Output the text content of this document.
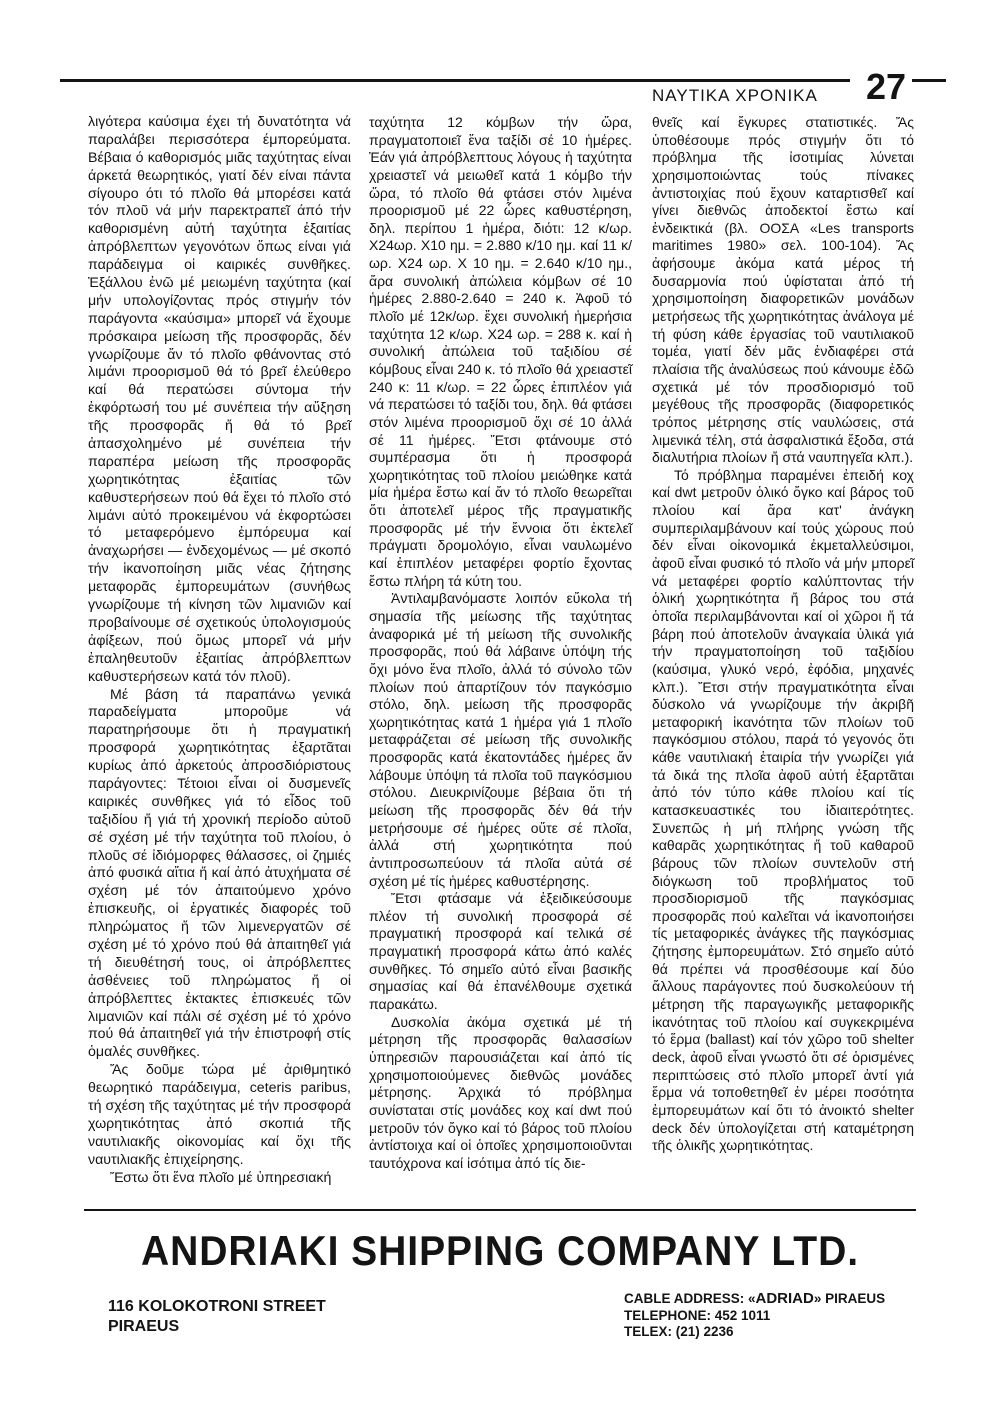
ΝΑΥΤΙΚΑ ΧΡΟΝΙΚΑ 27

λιγότερα καύσιμα έχει τή δυνατότητα νά παραλάβει περισσότερα έμπορεύματα. Βέβαια ό καθορισμός μιᾶς ταχύτητας είναι άρκετά θεωρητικός, γιατί δέν είναι πάντα σίγουρο ότι τό πλοῖο θά μπορέσει κατά τόν πλοῦ νά μήν παρεκτραπεῖ άπό τήν καθορισμένη αὐτή ταχύτητα ἐξαιτίας ἀπρόβλεπτων γεγονότων ὅπως είναι γιά παράδειγμα οἱ καιρικές συνθῆκες. Ἐξάλλου ἐνῶ μέ μειωμένη ταχύτητα (καί μήν υπολογίζοντας πρός στιγμήν τόν παράγοντα «καύσιμα» μπορεῖ νά ἔχουμε πρόσκαιρα μείωση τῆς προσφορᾶς, δέν γνωρίζουμε ἄν τό πλοῖο φθάνοντας στό λιμάνι προορισμοῦ θά τό βρεῖ ἐλεύθερο καί θά περατώσει σύντομα τήν ἐκφόρτωσή του μέ συνέπεια τήν αὔξηση τῆς προσφορᾶς ἤ θά τό βρεῖ ἀπασχολημένο μέ συνέπεια τήν παραπέρα μείωση τῆς προσφορᾶς χωρητικότητας ἐξαιτίας τῶν καθυστερήσεων πού θά ἔχει τό πλοῖο στό λιμάνι αὐτό προκειμένου νά ἐκφορτώσει τό μεταφερόμενο ἐμπόρευμα καί ἀναχωρήσει — ἐνδεχομένως — μέ σκοπό τήν ἱκανοποίηση μιᾶς νέας ζήτησης μεταφορᾶς ἐμπορευμάτων (συνήθως γνωρίζουμε τή κίνηση τῶν λιμανιῶν καί προβαίνουμε σέ σχετικούς ὑπολογισμούς ἀφίξεων, πού ὅμως μπορεῖ νά μήν ἐπαληθευτοῦν ἐξαιτίας ἀπρόβλεπτων καθυστερήσεων κατά τόν πλοῦ).

Μέ βάση τά παραπάνω γενικά παραδείγματα μποροῦμε νά παρατηρήσουμε ὅτι ἡ πραγματική προσφορά χωρητικότητας ἐξαρτᾶται κυρίως ἀπό ἀρκετούς ἀπροσδιόριστους παράγοντες: Τέτοιοι εἶναι οἱ δυσμενεῖς καιρικές συνθῆκες γιά τό εἶδος τοῦ ταξιδίου ἤ γιά τή χρονική περίοδο αὐτοῦ σέ σχέση μέ τήν ταχύτητα τοῦ πλοίου, ὁ πλοῦς σέ ἰδιόμορφες θάλασσες, οἱ ζημιές ἀπό φυσικά αἴτια ἤ καί ἀπό ἀτυχήματα σέ σχέση μέ τόν ἀπαιτούμενο χρόνο ἐπισκευῆς, οἱ ἐργατικές διαφορές τοῦ πληρώματος ἤ τῶν λιμενεργατῶν σέ σχέση μέ τό χρόνο πού θά ἀπαιτηθεῖ γιά τή διευθέτησή τους, οἱ ἀπρόβλεπτες ἀσθένειες τοῦ πληρώματος ἤ οἱ ἀπρόβλεπτες ἐκτακτες ἐπισκευές τῶν λιμανιῶν καί πάλι σέ σχέση μέ τό χρόνο πού θά ἀπαιτηθεῖ γιά τήν ἐπιστροφή στίς ὁμαλές συνθῆκες.

Ἄς δοῦμε τώρα μέ ἀριθμητικό θεωρητικό παράδειγμα, ceteris paribus, τή σχέση τῆς ταχύτητας μέ τήν προσφορά χωρητικότητας ἀπό σκοπιά τῆς ναυτιλιακῆς οἰκονομίας καί ὄχι τῆς ναυτιλιακῆς ἐπιχείρησης.

Ἔστω ὅτι ἕνα πλοῖο μέ ὑπηρεσιακή

ταχύτητα 12 κόμβων τήν ὥρα, πραγματοποιεῖ ἕνα ταξίδι σέ 10 ἡμέρες. Ἐάν γιά ἀπρόβλεπτους λόγους ἡ ταχύτητα χρειαστεῖ νά μειωθεῖ κατά 1 κόμβο τήν ὥρα, τό πλοῖο θά φτάσει στόν λιμένα προορισμοῦ μέ 22 ὧρες καθυστέρηση, δηλ. περίπου 1 ἡμέρα, διότι: 12 κ/ωρ. Χ24ωρ. Χ10 ημ. = 2.880 κ/10 ημ. καί 11 κ/ωρ. Χ24 ωρ. Χ 10 ημ. = 2.640 κ/10 ημ., ἄρα συνολική ἀπώλεια κόμβων σέ 10 ἡμέρες 2.880-2.640 = 240 κ. Ἀφοῦ τό πλοῖο μέ 12κ/ωρ. ἔχει συνολική ἡμερήσια ταχύτητα 12 κ/ωρ. Χ24 ωρ. = 288 κ. καί ἡ συνολική ἀπώλεια τοῦ ταξιδίου σέ κόμβους εἶναι 240 κ. τό πλοῖο θά χρειαστεῖ 240 κ: 11 κ/ωρ. = 22 ὧρες ἐπιπλέον γιά νά περατώσει τό ταξίδι του, δηλ. θά φτάσει στόν λιμένα προορισμοῦ ὄχι σέ 10 ἀλλά σέ 11 ἡμέρες. Ἔτσι φτάνουμε στό συμπέρασμα ὅτι ἡ προσφορά χωρητικότητας τοῦ πλοίου μειώθηκε κατά μία ἡμέρα ἔστω καί ἄν τό πλοῖο θεωρεῖται ὅτι ἀποτελεῖ μέρος τῆς πραγματικῆς προσφορᾶς μέ τήν ἔννοια ὅτι ἐκτελεῖ πράγματι δρομολόγιο, εἶναι ναυλωμένο καί ἐπιπλέον μεταφέρει φορτίο ἔχοντας ἔστω πλήρη τά κύτη του.

Ἀντιλαμβανόμαστε λοιπόν εὔκολα τή σημασία τῆς μείωσης τῆς ταχύτητας ἀναφορικά μέ τή μείωση τῆς συνολικῆς προσφορᾶς, πού θά λάβαινε ὑπόψη τής ὄχι μόνο ἕνα πλοῖο, ἀλλά τό σύνολο τῶν πλοίων πού ἀπαρτίζουν τόν παγκόσμιο στόλο, δηλ. μείωση τῆς προσφορᾶς χωρητικότητας κατά 1 ἡμέρα γιά 1 πλοῖο μεταφράζεται σέ μείωση τῆς συνολικῆς προσφορᾶς κατά ἑκατοντάδες ἡμέρες ἄν λάβουμε ὑπόψη τά πλοῖα τοῦ παγκόσμιου στόλου. Διευκρινίζουμε βέβαια ὅτι τή μείωση τῆς προσφορᾶς δέν θά τήν μετρήσουμε σέ ἡμέρες οὔτε σέ πλοῖα, ἀλλά στή χωρητικότητα πού ἀντιπροσωπεύουν τά πλοῖα αὐτά σέ σχέση μέ τίς ἡμέρες καθυστέρησης.

Ἔτσι φτάσαμε νά ἐξειδικεύσουμε πλέον τή συνολική προσφορά σέ πραγματική προσφορά καί τελικά σέ πραγματική προσφορά κάτω ἀπό καλές συνθῆκες. Τό σημεῖο αὐτό εἶναι βασικῆς σημασίας καί θά ἐπανέλθουμε σχετικά παρακάτω.

Δυσκολία ἀκόμα σχετικά μέ τή μέτρηση τῆς προσφορᾶς θαλασσίων ὑπηρεσιῶν παρουσιάζεται καί ἀπό τίς χρησιμοποιούμενες διεθνῶς μονάδες μέτρησης. Ἀρχικά τό πρόβλημα συνίσταται στίς μονάδες κοχ καί dwt πού μετροῦν τόν ὄγκο καί τό βάρος τοῦ πλοίου ἀντίστοιχα καί οἱ ὁποῖες χρησιμοποιοῦνται ταυτόχρονα καί ἰσότιμα ἀπό τίς διε-

θνεῖς καί ἔγκυρες στατιστικές. Ἄς ὑποθέσουμε πρός στιγμήν ὅτι τό πρόβλημα τῆς ἰσοτιμίας λύνεται χρησιμοποιώντας τούς πίνακες ἀντιστοιχίας πού ἔχουν καταρτισθεῖ καί γίνει διεθνῶς ἀποδεκτοί ἔστω καί ἐνδεικτικά (βλ. ΟΟΣΑ «Les transports maritimes 1980» σελ. 100-104). Ἄς ἀφήσουμε ἀκόμα κατά μέρος τή δυσαρμονία πού ὑφίσταται ἀπό τή χρησιμοποίηση διαφορετικῶν μονάδων μετρήσεως τῆς χωρητικότητας ἀνάλογα μέ τή φύση κάθε ἐργασίας τοῦ ναυτιλιακοῦ τομέα, γιατί δέν μᾶς ἐνδιαφέρει στά πλαίσια τῆς ἀναλύσεως πού κάνουμε ἐδῶ σχετικά μέ τόν προσδιορισμό τοῦ μεγέθους τῆς προσφορᾶς (διαφορετικός τρόπος μέτρησης στίς ναυλώσεις, στά λιμενικά τέλη, στά ἀσφαλιστικά ἔξοδα, στά διαλυτήρια πλοίων ἤ στά ναυπηγεῖα κλπ.).

Τό πρόβλημα παραμένει ἐπειδή κοχ καί dwt μετροῦν ὁλικό ὄγκο καί βάρος τοῦ πλοίου καί ἄρα κατ' ἀνάγκη συμπεριλαμβάνουν καί τούς χώρους πού δέν εἶναι οἰκονομικά ἐκμεταλλεύσιμοι, ἀφοῦ εἶναι φυσικό τό πλοῖο νά μήν μπορεῖ νά μεταφέρει φορτίο καλύπτοντας τήν ὁλική χωρητικότητα ἤ βάρος του στά ὁποῖα περιλαμβάνονται καί οἱ χῶροι ἤ τά βάρη πού ἀποτελοῦν ἀναγκαία ὑλικά γιά τήν πραγματοποίηση τοῦ ταξιδίου (καύσιμα, γλυκό νερό, ἐφόδια, μηχανές κλπ.). Ἔτσι στήν πραγματικότητα εἶναι δύσκολο νά γνωρίζουμε τήν ἀκριβῆ μεταφορική ἱκανότητα τῶν πλοίων τοῦ παγκόσμιου στόλου, παρά τό γεγονός ὅτι κάθε ναυτιλιακή ἑταιρία τήν γνωρίζει γιά τά δικά της πλοῖα ἀφοῦ αὐτή ἐξαρτᾶται ἀπό τόν τύπο κάθε πλοίου καί τίς κατασκευαστικές του ἰδιαιτερότητες. Συνεπῶς ἡ μή πλήρης γνώση τῆς καθαρᾶς χωρητικότητας ἤ τοῦ καθαροῦ βάρους τῶν πλοίων συντελοῦν στή διόγκωση τοῦ προβλήματος τοῦ προσδιορισμοῦ τῆς παγκόσμιας προσφορᾶς πού καλεῖται νά ἱκανοποιήσει τίς μεταφορικές ἀνάγκες τῆς παγκόσμιας ζήτησης ἐμπορευμάτων. Στό σημεῖο αὐτό θά πρέπει νά προσθέσουμε καί δύο ἄλλους παράγοντες πού δυσκολεύουν τή μέτρηση τῆς παραγωγικῆς μεταφορικῆς ἱκανότητας τοῦ πλοίου καί συγκεκριμένα τό ἕρμα (ballast) καί τόν χῶρο τοῦ shelter deck, ἀφοῦ εἶναι γνωστό ὅτι σέ ὁρισμένες περιπτώσεις στό πλοῖο μπορεῖ ἀντί γιά ἕρμα νά τοποθετηθεῖ ἐν μέρει ποσότητα ἐμπορευμάτων καί ὅτι τό ἀνοικτό shelter deck δέν ὑπολογίζεται στή καταμέτρηση τῆς ὁλικῆς χωρητικότητας.

ANDRIAKI SHIPPING COMPANY LTD.
116 KOLOKOTRONI STREET
PIRAEUS
CABLE ADDRESS: «ADRIAD» PIRAEUS
TELEPHONE: 452 1011
TELEX: (21) 2236
